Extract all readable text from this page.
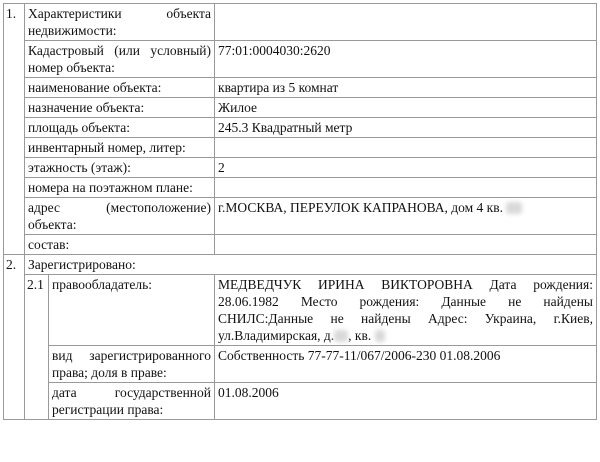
1.	Характеристики объекта недвижимости:		
	Кадастровый (или условный) номер объекта:		77:01:0004030:2620
	наименование объекта:		квартира из 5 комнат
	назначение объекта:		Жилое
	площадь объекта:		245.3 Квадратный метр
	инвентарный номер, литер:		
	этажность (этаж):		2
	номера на поэтажном плане:		
	адрес (местоположение) объекта:		г.МОСКВА, ПЕРЕУЛОК КАПРАНОВА, дом 4 кв.
	состав:		
2.	Зарегистрировано:		
	2.1	правообладатель:	МЕДВЕДЧУК ИРИНА ВИКТОРОВНА Дата рождения: 28.06.1982 Место рождения: Данные не найдены СНИЛС:Данные не найдены Адрес: Украина, г.Киев, ул.Владимирская, д. , кв.
		вид зарегистрированного права; доля в праве:	Собственность 77-77-11/067/2006-230 01.08.2006
		дата государственной регистрации права:	01.08.2006
